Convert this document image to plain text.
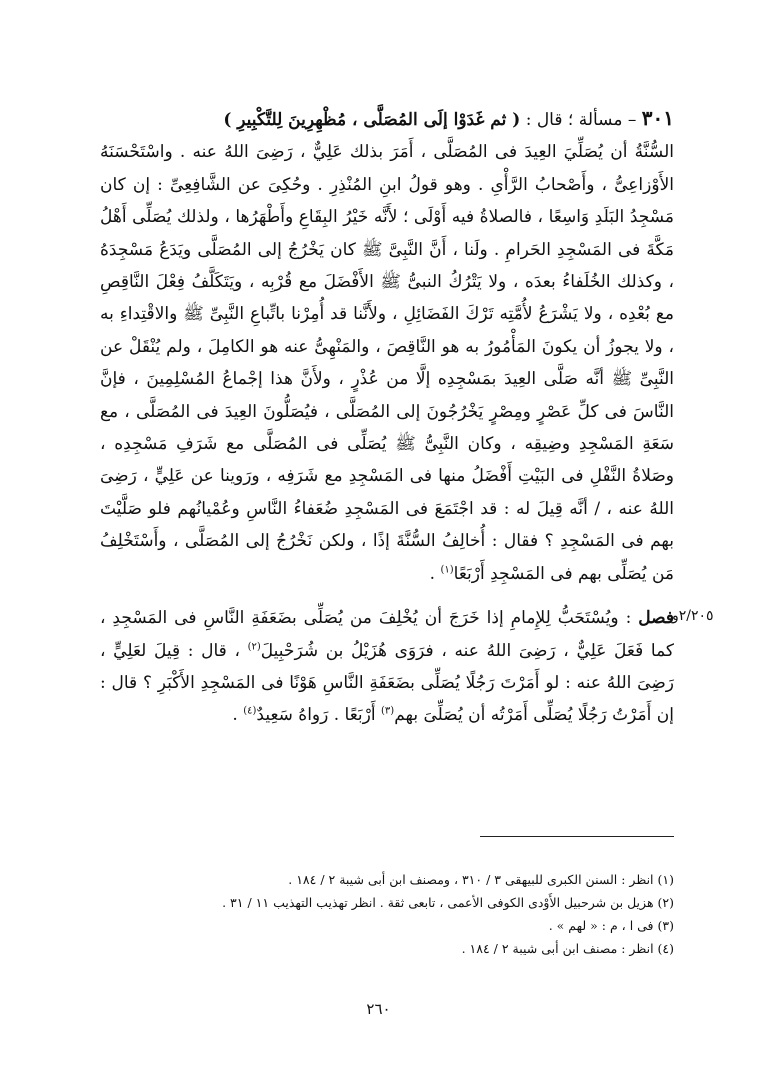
٣٠١ – مسألة ؛ قال : ( ثم غَدَوْا إلَى المُصَلَّى ، مُظْهِرِينَ لِلتَّكْبِيرِ )

السُّنَّةُ أن يُصَلِّيَ العِيدَ فى المُصَلَّى ، أَمَرَ بذلك عَلِيٌّ ، رَضِىَ اللهُ عنه . واسْتَحْسَنَهُ الأَوْزاعِىُّ ، وأَصْحابُ الرَّأْىِ . وهو قولُ ابنِ المُنْذِرِ . وحُكِىَ عن الشَّافِعِىِّ : إن كان مَسْجِدُ البَلَدِ وَاسِعًا ، فالصلاةُ فيه أَوْلَى ؛ لأَنَّه خَيْرُ البِقَاعِ وأَطْهَرُها ، ولذلك يُصَلِّى أَهْلُ مَكَّةَ فى المَسْجِدِ الحَرامِ . ولَنا ، أَنَّ النَّبِىَّ ﷺ كان يَخْرُجُ إلى المُصَلَّى ويَدَعُ مَسْجِدَهُ ، وكذلك الخُلَفاءُ بعدَه ، ولا يَتْرُكُ النبىُّ ﷺ الأَفْضَلَ مع قُرْبِه ، ويَتَكَلَّفُ فِعْلَ النَّاقِصِ مع بُعْدِه ، ولا يَشْرَعُ لأُمَّتِه تَرْكَ الفَضَائِلِ ، ولأَنَّنا قد أُمِرْنا باتِّباعِ النَّبِىِّ ﷺ والاقْتِداءِ به ، ولا يجوزُ أن يكونَ المَأْمُورُ به هو النَّاقِصَ ، والمَنْهِىُّ عنه هو الكامِلَ ، ولم يُنْقَلْ عن النَّبِىِّ ﷺ أنَّه صَلَّى العِيدَ بمَسْجِدِه إلَّا من عُذْرٍ ، ولأَنَّ هذا إجْماعُ المُسْلِمِينَ ، فإنَّ النَّاسَ فى كلِّ عَصْرٍ ومِصْرٍ يَخْرُجُونَ إلى المُصَلَّى ، فيُصَلُّونَ العِيدَ فى المُصَلَّى ، مع سَعَةِ المَسْجِدِ وضِيقِه ، وكان النَّبِىُّ ﷺ يُصَلِّى فى المُصَلَّى مع شَرَفِ مَسْجِدِه ، وصَلاةُ النَّفْلِ فى البَيْتِ أَفْضَلُ منها فى المَسْجِدِ مع شَرَفِه ، ورَوينا عن عَلِيٍّ ، رَضِىَ اللهُ عنه ، / أنَّه قِيلَ له : قد اجْتَمَعَ فى المَسْجِدِ ضُعَفاءُ النَّاسِ وعُمْيانُهم فلو صَلَّيْتَ بهم فى المَسْجِدِ ؟ فقال : أُخالِفُ السُّنَّةَ إذًا ، ولكن نَخْرُجُ إلى المُصَلَّى ، وأَسْتَخْلِفُ مَن يُصَلِّى بهم فى المَسْجِدِ أَرْبَعًا$^{(١)}$ .

فصل : ويُسْتَحَبُّ لِلإِمامِ إذا خَرَجَ أن يُخْلِفَ من يُصَلِّى بضَعَفَةِ النَّاسِ فى المَسْجِدِ ، كما فَعَلَ عَلِيٌّ ، رَضِىَ اللهُ عنه ، فرَوَى هُزَيْلُ بن شُرَحْبِيلَ$^{(٢)}$ ، قال : قِيلَ لعَلِيٍّ ، رَضِىَ اللهُ عنه : لو أَمَرْتَ رَجُلًا يُصَلِّى بضَعَفَةِ النَّاسِ هَوْنًا فى المَسْجِدِ الأَكْبَرِ ؟ قال : إن أَمَرْتُ رَجُلًا يُصَلِّى أَمَرْتُه أن يُصَلِّىَ بهم$^{(٣)}$ أَرْبَعًا . رَواهُ سَعِيدٌ$^{(٤)}$ .

٢/٢٠٥و
(١) انظر : السنن الكبرى للبيهقى ٣ / ٣١٠ ، ومصنف ابن أبى شيبة ٢ / ١٨٤ .
(٢) هزيل بن شرحبيل الأَوْدى الكوفى الأعمى ، تابعى ثقة . انظر تهذيب التهذيب ١١ / ٣١ .
(٣) فى ا ، م : « لهم » .
(٤) انظر : مصنف ابن أبى شيبة ٢ / ١٨٤ .
٢٦٠
